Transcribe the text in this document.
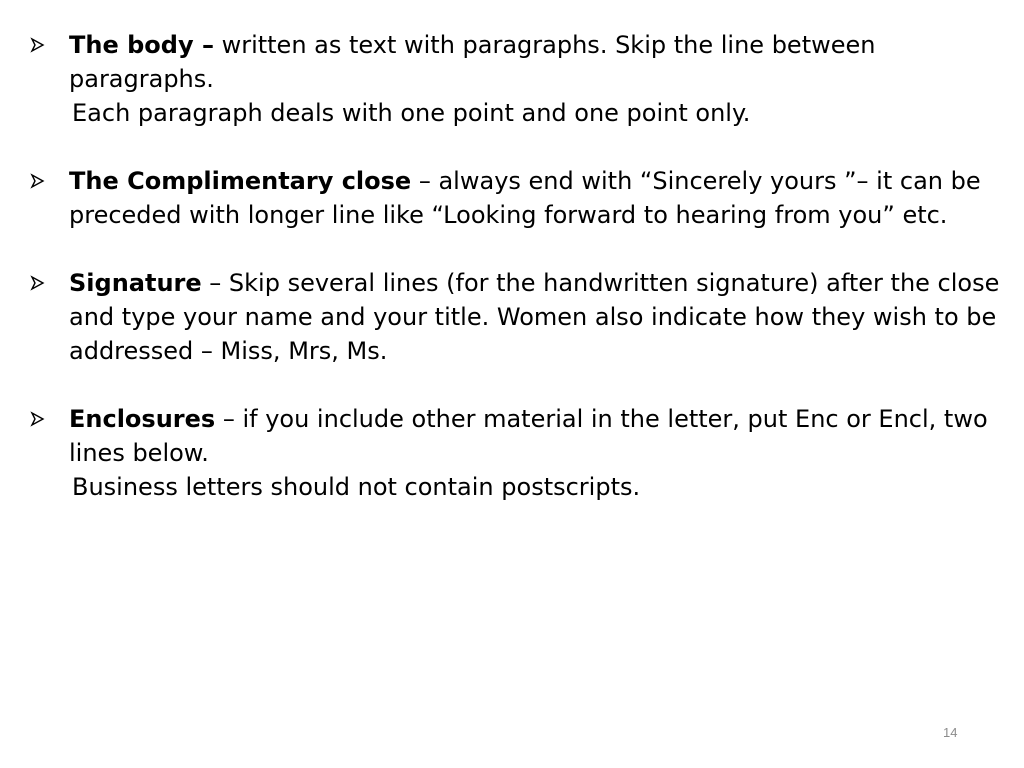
The body – written as text with paragraphs. Skip the line between paragraphs.
Each paragraph deals with one point and one point only.
The Complimentary close – always end with “Sincerely yours ”– it can be preceded with longer line like “Looking forward to hearing from you” etc.
Signature – Skip several lines (for the handwritten signature) after the close and type your name and your title. Women also indicate how they wish to be addressed – Miss, Mrs, Ms.
Enclosures – if you include other material in the letter, put Enc or Encl, two lines below.
Business letters should not contain postscripts.
14
